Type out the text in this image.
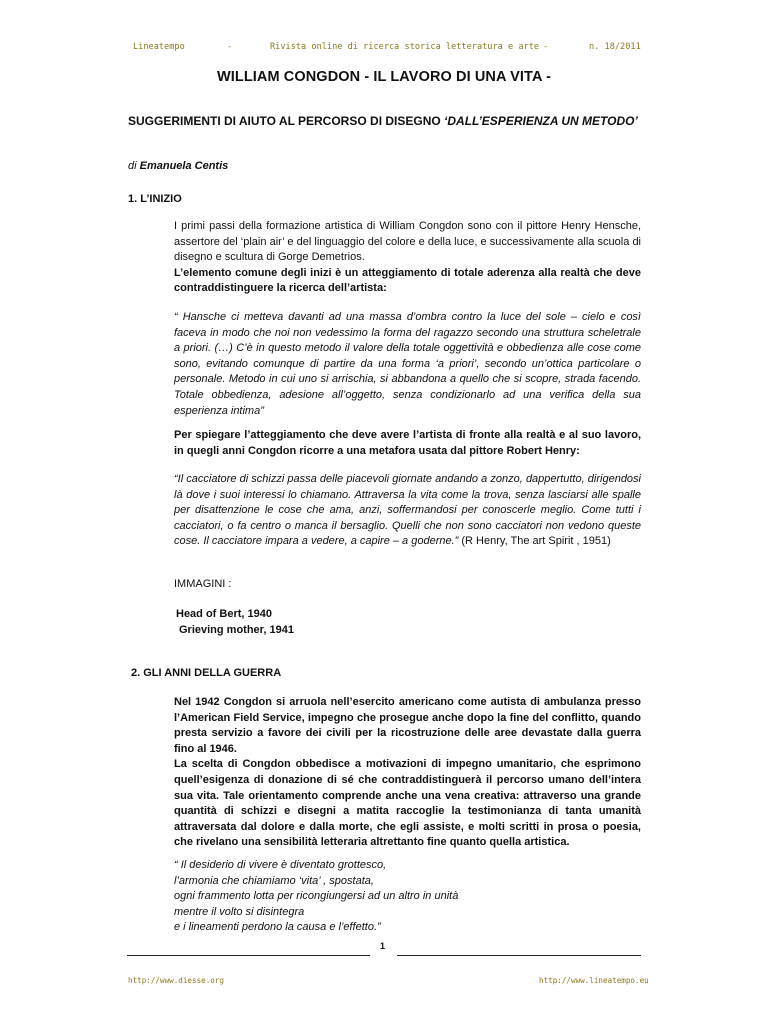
Lineatempo	-	Rivista online di ricerca storica letteratura e arte -	n. 18/2011
WILLIAM CONGDON - IL LAVORO DI UNA VITA -
SUGGERIMENTI DI AIUTO AL PERCORSO DI DISEGNO ‘DALL’ESPERIENZA UN METODO’
di Emanuela Centis
1. L’INIZIO

I primi passi della formazione artistica di William Congdon sono con il pittore Henry Hensche, assertore del ‘plain air’ e del linguaggio del colore e della luce, e successivamente alla scuola di disegno e scultura di Gorge Demetrios.

L’elemento comune degli inizi è un atteggiamento di totale aderenza alla realtà che deve contraddistinguere la ricerca dell’artista:

“ Hansche ci metteva davanti ad una massa d’ombra contro la luce del sole – cielo e così faceva in modo che noi non vedessimo la forma del ragazzo secondo una struttura scheletrale a priori. (…) C’è in questo metodo il valore della totale oggettività e obbedienza alle cose come sono, evitando comunque di partire da una forma ‘a priori’, secondo un’ottica particolare o personale. Metodo in cui uno si arrischia, si abbandona a quello che si scopre, strada facendo. Totale obbedienza, adesione all’oggetto, senza condizionarlo ad una verifica della sua esperienza intima”
Per spiegare l’atteggiamento che deve avere l’artista di fronte alla realtà e al suo lavoro, in quegli anni Congdon ricorre a una metafora usata dal pittore Robert Henry:
“Il cacciatore di schizzi passa delle piacevoli giornate andando a zonzo, dappertutto, dirigendosi là dove i suoi interessi lo chiamano. Attraversa la vita come la trova, senza lasciarsi alle spalle per disattenzione le cose che ama, anzi, soffermandosi per conoscerle meglio. Come tutti i cacciatori, o fa centro o manca il bersaglio. Quelli che non sono cacciatori non vedono queste cose. Il cacciatore impara a vedere, a capire – a goderne.” (R Henry, The art Spirit , 1951)
IMMAGINI :
Head of Bert, 1940
Grieving mother, 1941
2. GLI ANNI DELLA GUERRA

Nel 1942 Congdon si arruola nell’esercito americano come autista di ambulanza presso l’American Field Service, impegno che prosegue anche dopo la fine del conflitto, quando presta servizio a favore dei civili per la ricostruzione delle aree devastate dalla guerra fino al 1946.

La scelta di Congdon obbedisce a motivazioni di impegno umanitario, che esprimono quell’esigenza di donazione di sé che contraddistinguerà il percorso umano dell’intera sua vita. Tale orientamento comprende anche una vena creativa: attraverso una grande quantità di schizzi e disegni a matita raccoglie la testimonianza di tanta umanità attraversata dal dolore e dalla morte, che egli assiste, e molti scritti in prosa o poesia, che rivelano una sensibilità letteraria altrettanto fine quanto quella artistica.

“ Il desiderio di vivere è diventato grottesco,
l’armonia che chiamiamo ‘vita’ , spostata,
ogni frammento lotta per ricongiungersi ad un altro in unità
mentre il volto si disintegra
e i lineamenti perdono la causa e l’effetto.”
1
http://www.diesse.org	http://www.lineatempo.eu
